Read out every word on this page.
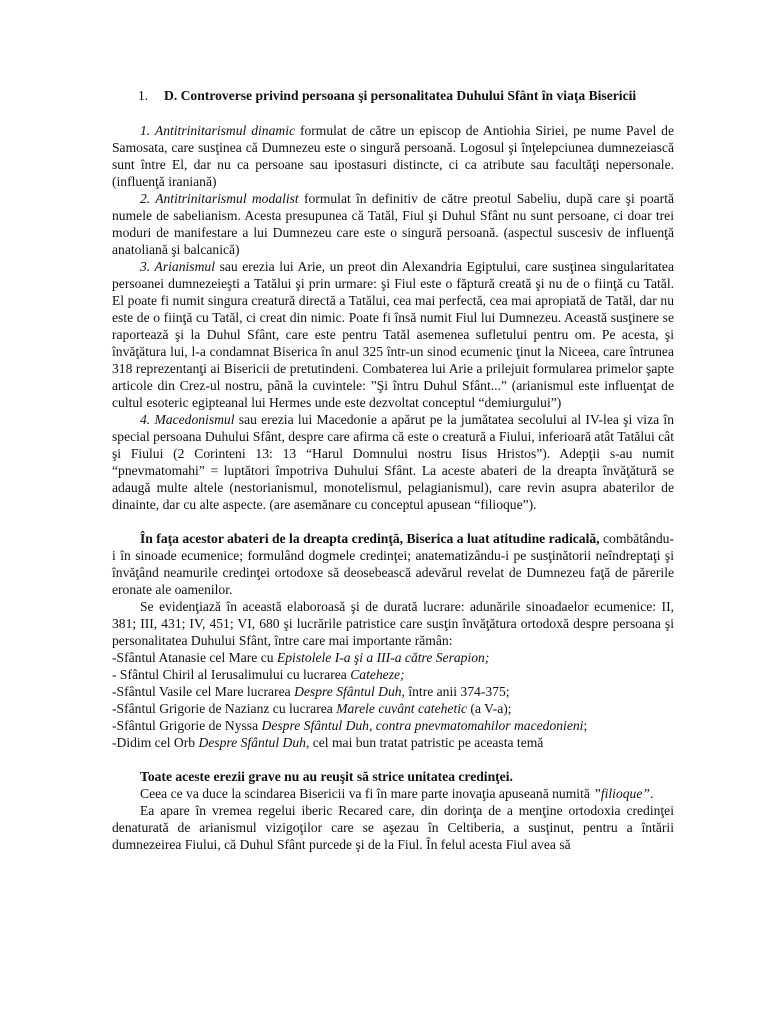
1.	D. Controverse privind persoana şi personalitatea Duhului Sfânt în viaţa Bisericii

1. Antitrinitarismul dinamic formulat de către un episcop de Antiohia Siriei, pe nume Pavel de Samosata, care susţinea că Dumnezeu este o singură persoană. Logosul şi înţelepciunea dumnezeiască sunt între El, dar nu ca persoane sau ipostasuri distincte, ci ca atribute sau facultăţi nepersonale. (influenţă iraniană)

2. Antitrinitarismul modalist formulat în definitiv de către preotul Sabeliu, după care şi poartă numele de sabelianism. Acesta presupunea că Tatăl, Fiul şi Duhul Sfânt nu sunt persoane, ci doar trei moduri de manifestare a lui Dumnezeu care este o singură persoană. (aspectul suscesiv de influenţă anatoliană şi balcanică)

3. Arianismul sau erezia lui Arie, un preot din Alexandria Egiptului, care susţinea singularitatea persoanei dumnezeieşti a Tatălui şi prin urmare: şi Fiul este o făptură creată şi nu de o fiinţă cu Tatăl. El poate fi numit singura creatură directă a Tatălui, cea mai perfectă, cea mai apropiată de Tatăl, dar nu este de o fiinţă cu Tatăl, ci creat din nimic. Poate fi însă numit Fiul lui Dumnezeu. Această susţinere se raportează şi la Duhul Sfânt, care este pentru Tatăl asemenea sufletului pentru om. Pe acesta, şi învăţătura lui, l-a condamnat Biserica în anul 325 într-un sinod ecumenic ţinut la Niceea, care întrunea 318 reprezentanţi ai Bisericii de pretutindeni. Combaterea lui Arie a prilejuit formularea primelor şapte articole din Crez-ul nostru, până la cuvintele: ”Şi întru Duhul Sfânt...” (arianismul este influenţat de cultul esoteric egipteanal lui Hermes unde este dezvoltat conceptul “demiurgului”)

4. Macedonismul sau erezia lui Macedonie a apărut pe la jumătatea secolului al IV-lea şi viza în special persoana Duhului Sfânt, despre care afirma că este o creatură a Fiului, inferioară atât Tatălui cât şi Fiului (2 Corinteni 13: 13 “Harul Domnului nostru Iisus Hristos”). Adepţii s-au numit “pnevmatomahi” = luptători împotriva Duhului Sfânt. La aceste abateri de la dreapta învăţătură se adaugă multe altele (nestorianismul, monotelismul, pelagianismul), care revin asupra abaterilor de dinainte, dar cu alte aspecte. (are asemănare cu conceptul apusean “filioque”).

În faţa acestor abateri de la dreapta credinţă, Biserica a luat atitudine radicală, combătându-i în sinoade ecumenice; formulând dogmele credinţei; anatematizându-i pe susţinătorii neîndreptaţi şi învăţând neamurile credinţei ortodoxe să deosebească adevărul revelat de Dumnezeu faţă de părerile eronate ale oamenilor.

Se evidenţiază în această elaboroasă şi de durată lucrare: adunările sinoadaelor ecumenice: II, 381; III, 431; IV, 451; VI, 680 şi lucrările patristice care susţin învăţătura ortodoxă despre persoana şi personalitatea Duhului Sfânt, între care mai importante rămân:

-Sfântul Atanasie cel Mare cu Epistolele I-a şi a III-a către Serapion;

- Sfântul Chiril al Ierusalimului cu lucrarea Cateheze;

-Sfântul Vasile cel Mare lucrarea Despre Sfântul Duh, între anii 374-375;

-Sfântul Grigorie de Nazianz cu lucrarea Marele cuvânt catehetic (a V-a);

-Sfântul Grigorie de Nyssa Despre Sfântul Duh, contra pnevmatomahilor macedonieni;

-Didim cel Orb Despre Sfântul Duh, cel mai bun tratat patristic pe aceasta temă

Toate aceste erezii grave nu au reuşit să strice unitatea credinţei.

Ceea ce va duce la scindarea Bisericii va fi în mare parte inovaţia apuseană numită ”filioque”.

Ea apare în vremea regelui iberic Recared care, din dorinţa de a menţine ortodoxia credinţei denaturată de arianismul vizigoţilor care se aşezau în Celtiberia, a susţinut, pentru a întării dumnezeirea Fiului, că Duhul Sfânt purcede şi de la Fiul. În felul acesta Fiul avea să
